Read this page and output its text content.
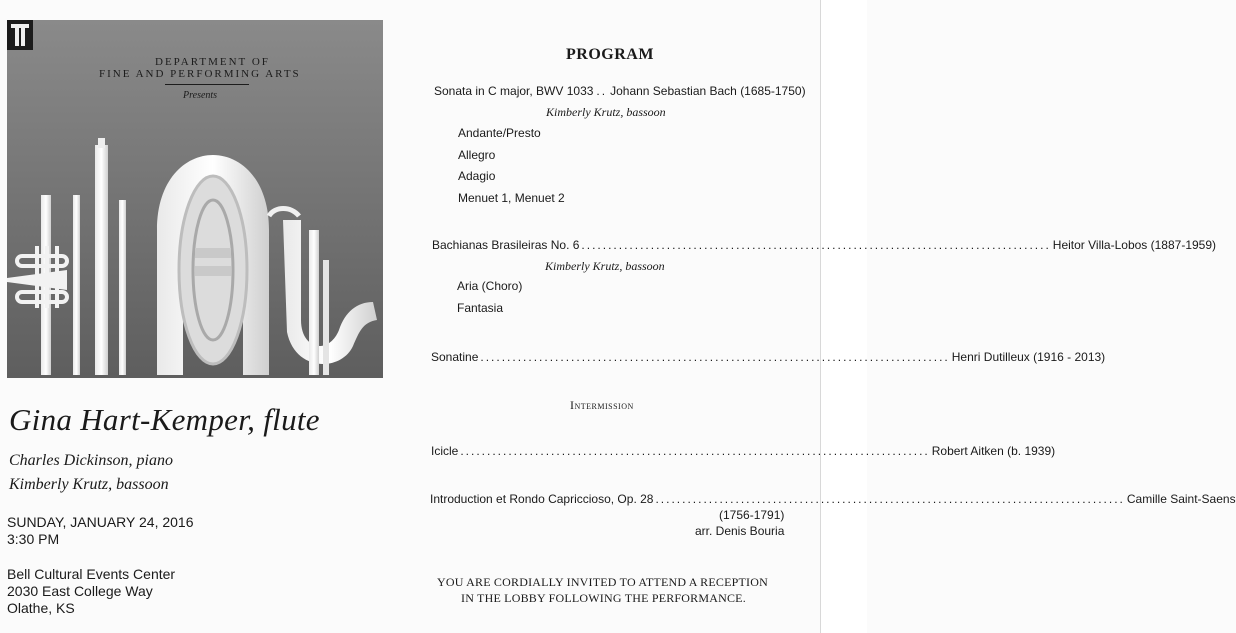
DEPARTMENT OF
FINE AND PERFORMING ARTS
Presents
Gina Hart-Kemper, flute
Charles Dickinson, piano
Kimberly Krutz, bassoon
SUNDAY, JANUARY 24, 2016
3:30 PM
Bell Cultural Events Center
2030 East College Way
Olathe, KS
PROGRAM
Sonata in C major, BWV 1033 .. Johann Sebastian Bach (1685-1750)
Kimberly Krutz, bassoon
Andante/Presto
Allegro
Adagio
Menuet 1, Menuet 2
Bachianas Brasileiras No. 6 .....	Heitor Villa-Lobos (1887-1959)
Kimberly Krutz, bassoon
Aria (Choro)
Fantasia
Sonatine .....	Henri Dutilleux (1916 - 2013)
Intermission
Icicle .....	Robert Aitken (b. 1939)
Introduction et Rondo Capriccioso, Op. 28 .....	Camille Saint-Saens
(1756-1791)
arr. Denis Bouria
YOU ARE CORDIALLY INVITED TO ATTEND A RECEPTION
IN THE LOBBY FOLLOWING THE PERFORMANCE.
